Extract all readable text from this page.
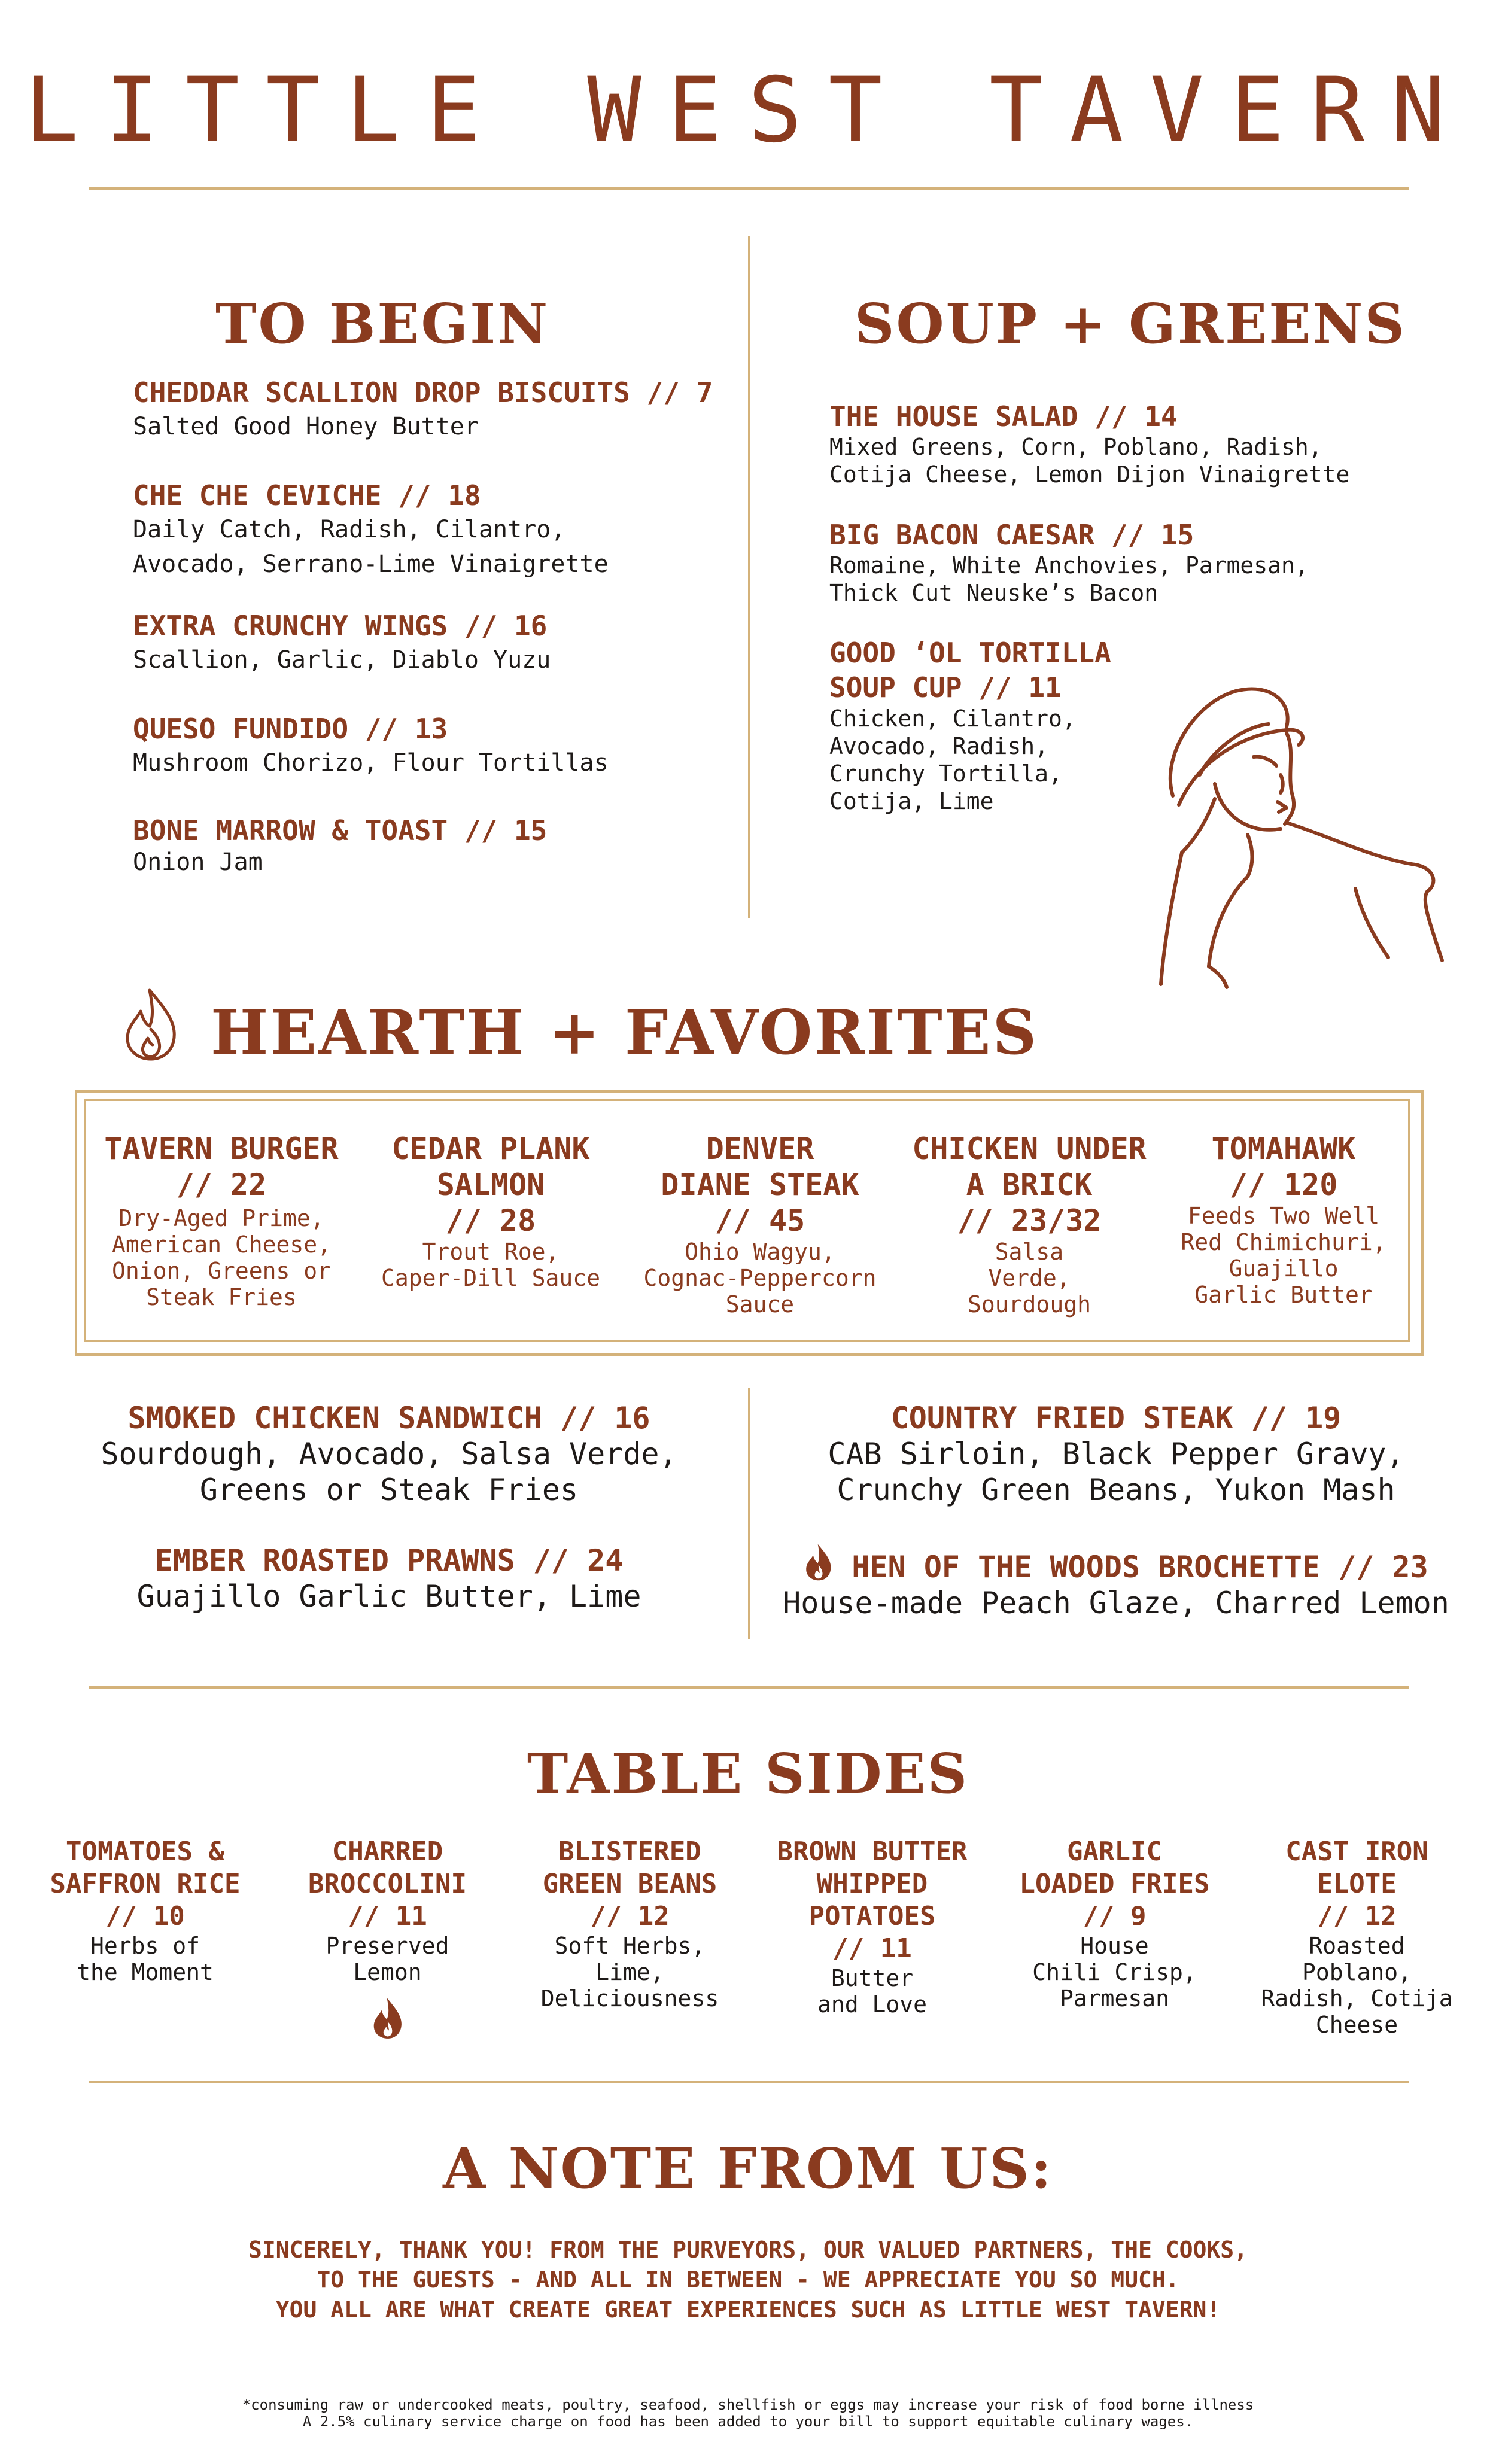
LITTLE WEST TAVERN
TO BEGIN
CHEDDAR SCALLION DROP BISCUITS // 7
Salted Good Honey Butter
CHE CHE CEVICHE // 18
Daily Catch, Radish, Cilantro,
Avocado, Serrano-Lime Vinaigrette
EXTRA CRUNCHY WINGS // 16
Scallion, Garlic, Diablo Yuzu
QUESO FUNDIDO // 13
Mushroom Chorizo, Flour Tortillas
BONE MARROW & TOAST // 15
Onion Jam
SOUP + GREENS
THE HOUSE SALAD // 14
Mixed Greens, Corn, Poblano, Radish,
Cotija Cheese, Lemon Dijon Vinaigrette
BIG BACON CAESAR // 15
Romaine, White Anchovies, Parmesan,
Thick Cut Neuske’s Bacon
GOOD ‘OL TORTILLA
SOUP CUP // 11
Chicken, Cilantro,
Avocado, Radish,
Crunchy Tortilla,
Cotija, Lime
HEARTH + FAVORITES
TAVERN BURGER
// 22
Dry-Aged Prime,
American Cheese,
Onion, Greens or
Steak Fries
CEDAR PLANK
SALMON
// 28
Trout Roe,
Caper-Dill Sauce
DENVER
DIANE STEAK
// 45
Ohio Wagyu,
Cognac-Peppercorn
Sauce
CHICKEN UNDER
A BRICK
// 23/32
Salsa
Verde,
Sourdough
TOMAHAWK
// 120
Feeds Two Well
Red Chimichuri,
Guajillo
Garlic Butter
SMOKED CHICKEN SANDWICH // 16
Sourdough, Avocado, Salsa Verde,
Greens or Steak Fries
EMBER ROASTED PRAWNS // 24
Guajillo Garlic Butter, Lime
COUNTRY FRIED STEAK // 19
CAB Sirloin, Black Pepper Gravy,
Crunchy Green Beans, Yukon Mash
HEN OF THE WOODS BROCHETTE // 23
House-made Peach Glaze, Charred Lemon
TABLE SIDES
TOMATOES &
SAFFRON RICE
// 10
Herbs of
the Moment
CHARRED
BROCCOLINI
// 11
Preserved
Lemon
BLISTERED
GREEN BEANS
// 12
Soft Herbs,
Lime,
Deliciousness
BROWN BUTTER
WHIPPED
POTATOES
// 11
Butter
and Love
GARLIC
LOADED FRIES
// 9
House
Chili Crisp,
Parmesan
CAST IRON
ELOTE
// 12
Roasted
Poblano,
Radish, Cotija
Cheese
A NOTE FROM US:
SINCERELY, THANK YOU! FROM THE PURVEYORS, OUR VALUED PARTNERS, THE COOKS,
TO THE GUESTS - AND ALL IN BETWEEN - WE APPRECIATE YOU SO MUCH.
YOU ALL ARE WHAT CREATE GREAT EXPERIENCES SUCH AS LITTLE WEST TAVERN!
*consuming raw or undercooked meats, poultry, seafood, shellfish or eggs may increase your risk of food borne illness
A 2.5% culinary service charge on food has been added to your bill to support equitable culinary wages.
